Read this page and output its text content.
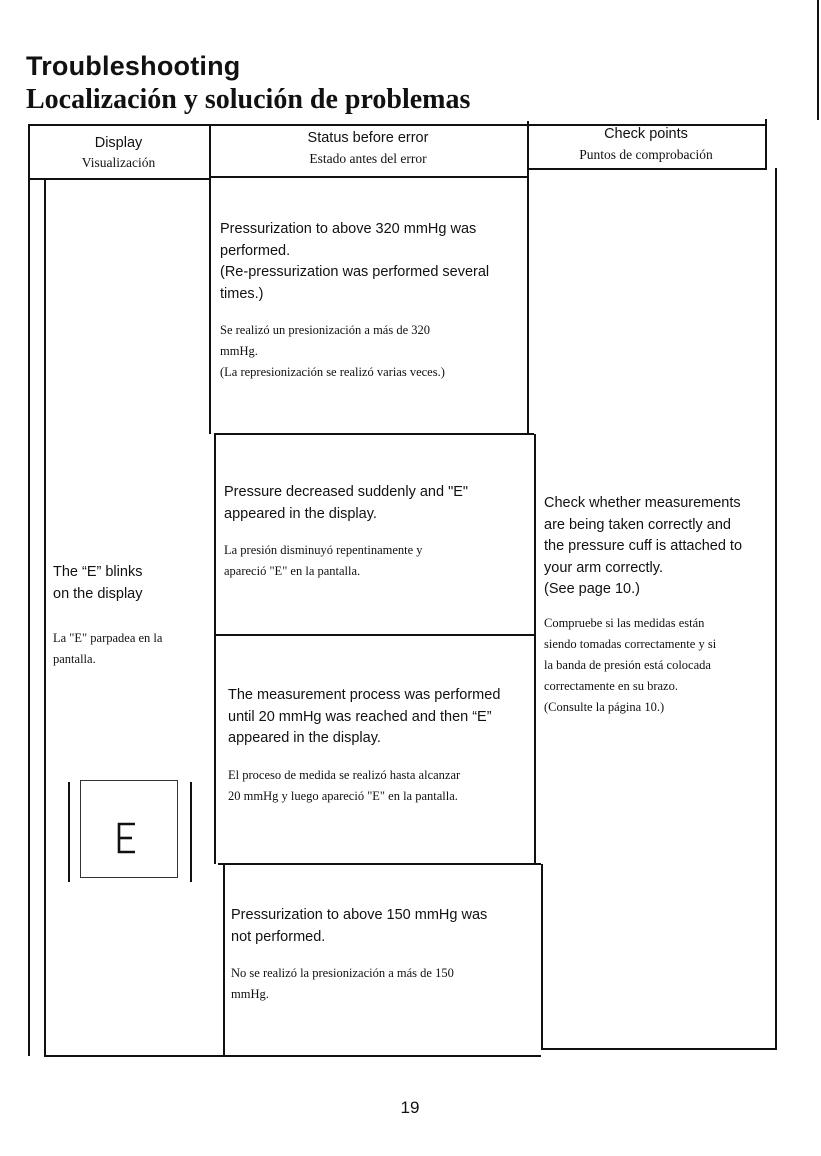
Troubleshooting
Localización y solución de problemas
Display
Visualización
Status before error
Estado antes del error
Check points
Puntos de comprobación
The “E” blinks
on the display
La "E" parpadea en la
pantalla.
Pressurization to above 320 mmHg was
performed.
(Re-pressurization was performed several
times.)
Se realizó un presionización a más de 320
mmHg.
(La represionización se realizó varias veces.)
Pressure decreased suddenly and "E"
appeared in the display.
La presión disminuyó repentinamente y
apareció "E" en la pantalla.
The measurement process was performed
until 20 mmHg was reached and then “E”
appeared in the display.
El proceso de medida se realizó hasta alcanzar
20 mmHg y luego apareció "E" en la pantalla.
Pressurization to above 150 mmHg was
not performed.
No se realizó la presionización a más de 150
mmHg.
Check whether measurements
are being taken correctly and
the pressure cuff is attached to
your arm correctly.
(See page 10.)
Compruebe si las medidas están
siendo tomadas correctamente y si
la banda de presión está colocada
correctamente en su brazo.
(Consulte la página 10.)
19
